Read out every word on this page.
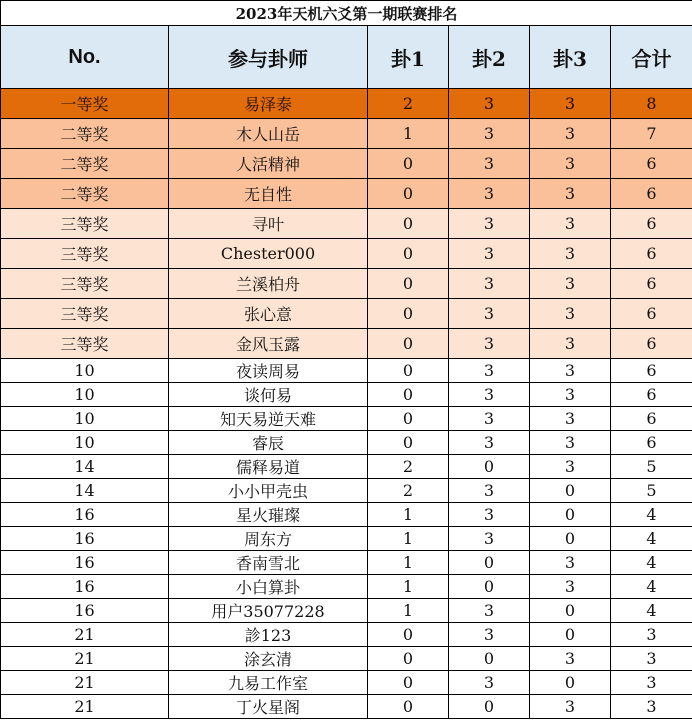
2023年天机六爻第一期联赛排名					
No.	参与卦师	卦1	卦2	卦3	合计
一等奖	易泽泰	2	3	3	8
二等奖	木人山岳	1	3	3	7
二等奖	人活精神	0	3	3	6
二等奖	无自性	0	3	3	6
三等奖	寻叶	0	3	3	6
三等奖	Chester000	0	3	3	6
三等奖	兰溪柏舟	0	3	3	6
三等奖	张心意	0	3	3	6
三等奖	金风玉露	0	3	3	6
10	夜读周易	0	3	3	6
10	谈何易	0	3	3	6
10	知天易逆天难	0	3	3	6
10	睿辰	0	3	3	6
14	儒释易道	2	0	3	5
14	小小甲壳虫	2	3	0	5
16	星火璀璨	1	3	0	4
16	周东方	1	3	0	4
16	香南雪北	1	0	3	4
16	小白算卦	1	0	3	4
16	用户35077228	1	3	0	4
21	診123	0	3	0	3
21	涂玄清	0	0	3	3
21	九易工作室	0	3	0	3
21	丁火星阁	0	0	3	3
